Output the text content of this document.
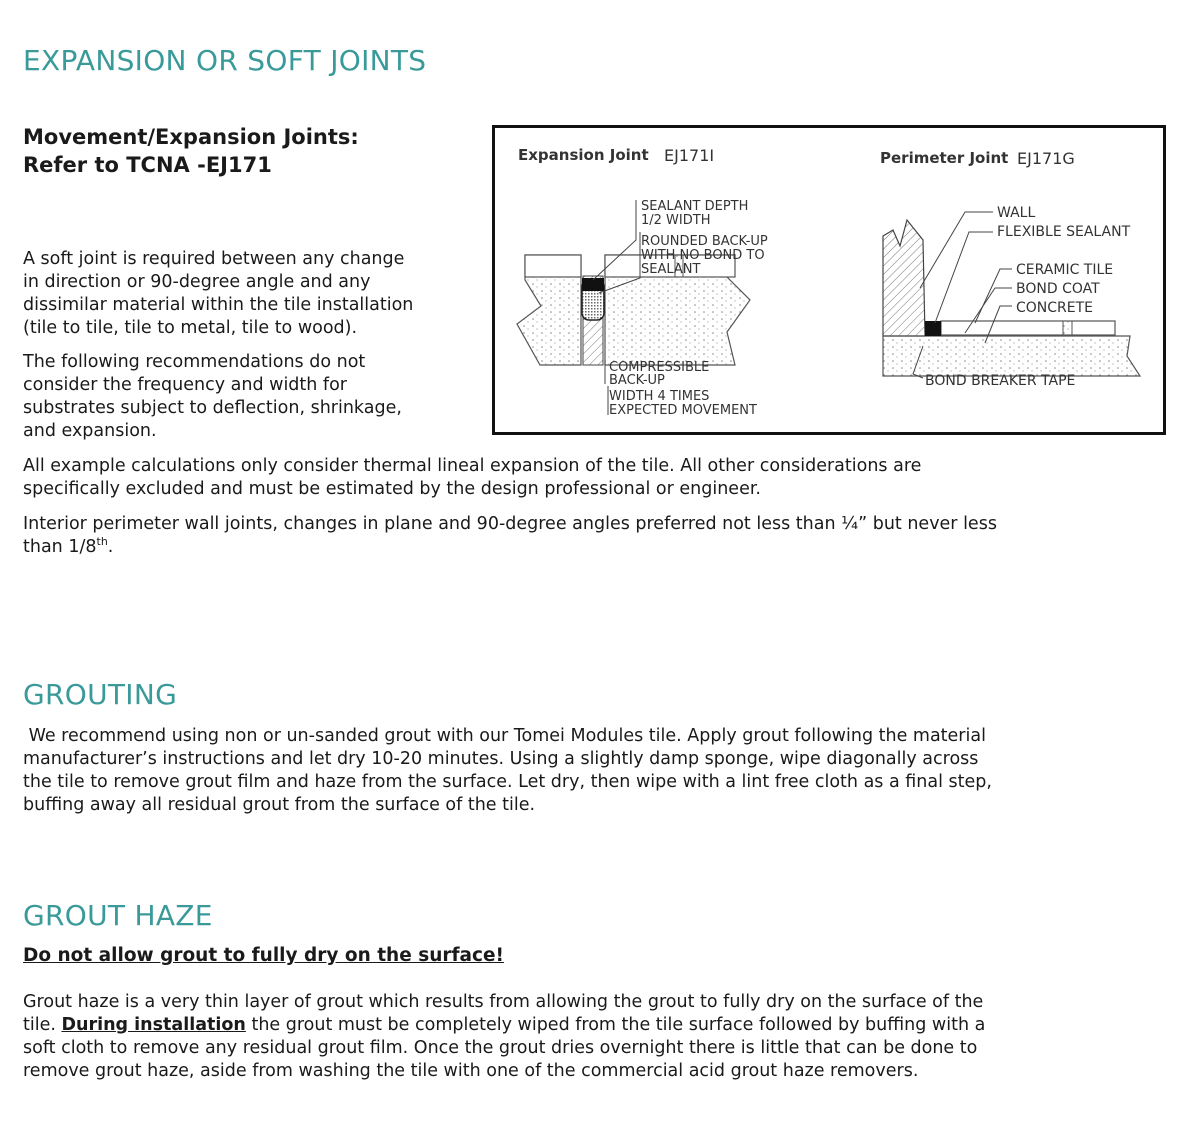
EXPANSION OR SOFT JOINTS

Movement/Expansion Joints:

Refer to TCNA -EJ171

A soft joint is required between any change

in direction or 90-degree angle and any

dissimilar material within the tile installation

(tile to tile, tile to metal, tile to wood).

The following recommendations do not

consider the frequency and width for

substrates subject to deflection, shrinkage,

and expansion.

All example calculations only consider thermal lineal expansion of the tile. All other considerations are

specifically excluded and must be estimated by the design professional or engineer.

Interior perimeter wall joints, changes in plane and 90-degree angles preferred not less than ¼” but never less

than 1/8th.

Expansion Joint EJ171Ι
SEALANT DEPTH
1/2 WIDTH
ROUNDED BACK-UP
WITH NO BOND TO
SEALANT
COMPRESSIBLE
BACK-UP
WIDTH 4 TIMES
EXPECTED MOVEMENT
Perimeter Joint EJ171G
WALL
FLEXIBLE SEALANT
CERAMIC TILE
BOND COAT
CONCRETE
BOND BREAKER TAPE
GROUTING

We recommend using non or un-sanded grout with our Tomei Modules tile. Apply grout following the material

manufacturer’s instructions and let dry 10-20 minutes. Using a slightly damp sponge, wipe diagonally across

the tile to remove grout film and haze from the surface. Let dry, then wipe with a lint free cloth as a final step,

buffing away all residual grout from the surface of the tile.

GROUT HAZE

Do not allow grout to fully dry on the surface!

Grout haze is a very thin layer of grout which results from allowing the grout to fully dry on the surface of the

tile. During installation the grout must be completely wiped from the tile surface followed by buffing with a

soft cloth to remove any residual grout film. Once the grout dries overnight there is little that can be done to

remove grout haze, aside from washing the tile with one of the commercial acid grout haze removers.
